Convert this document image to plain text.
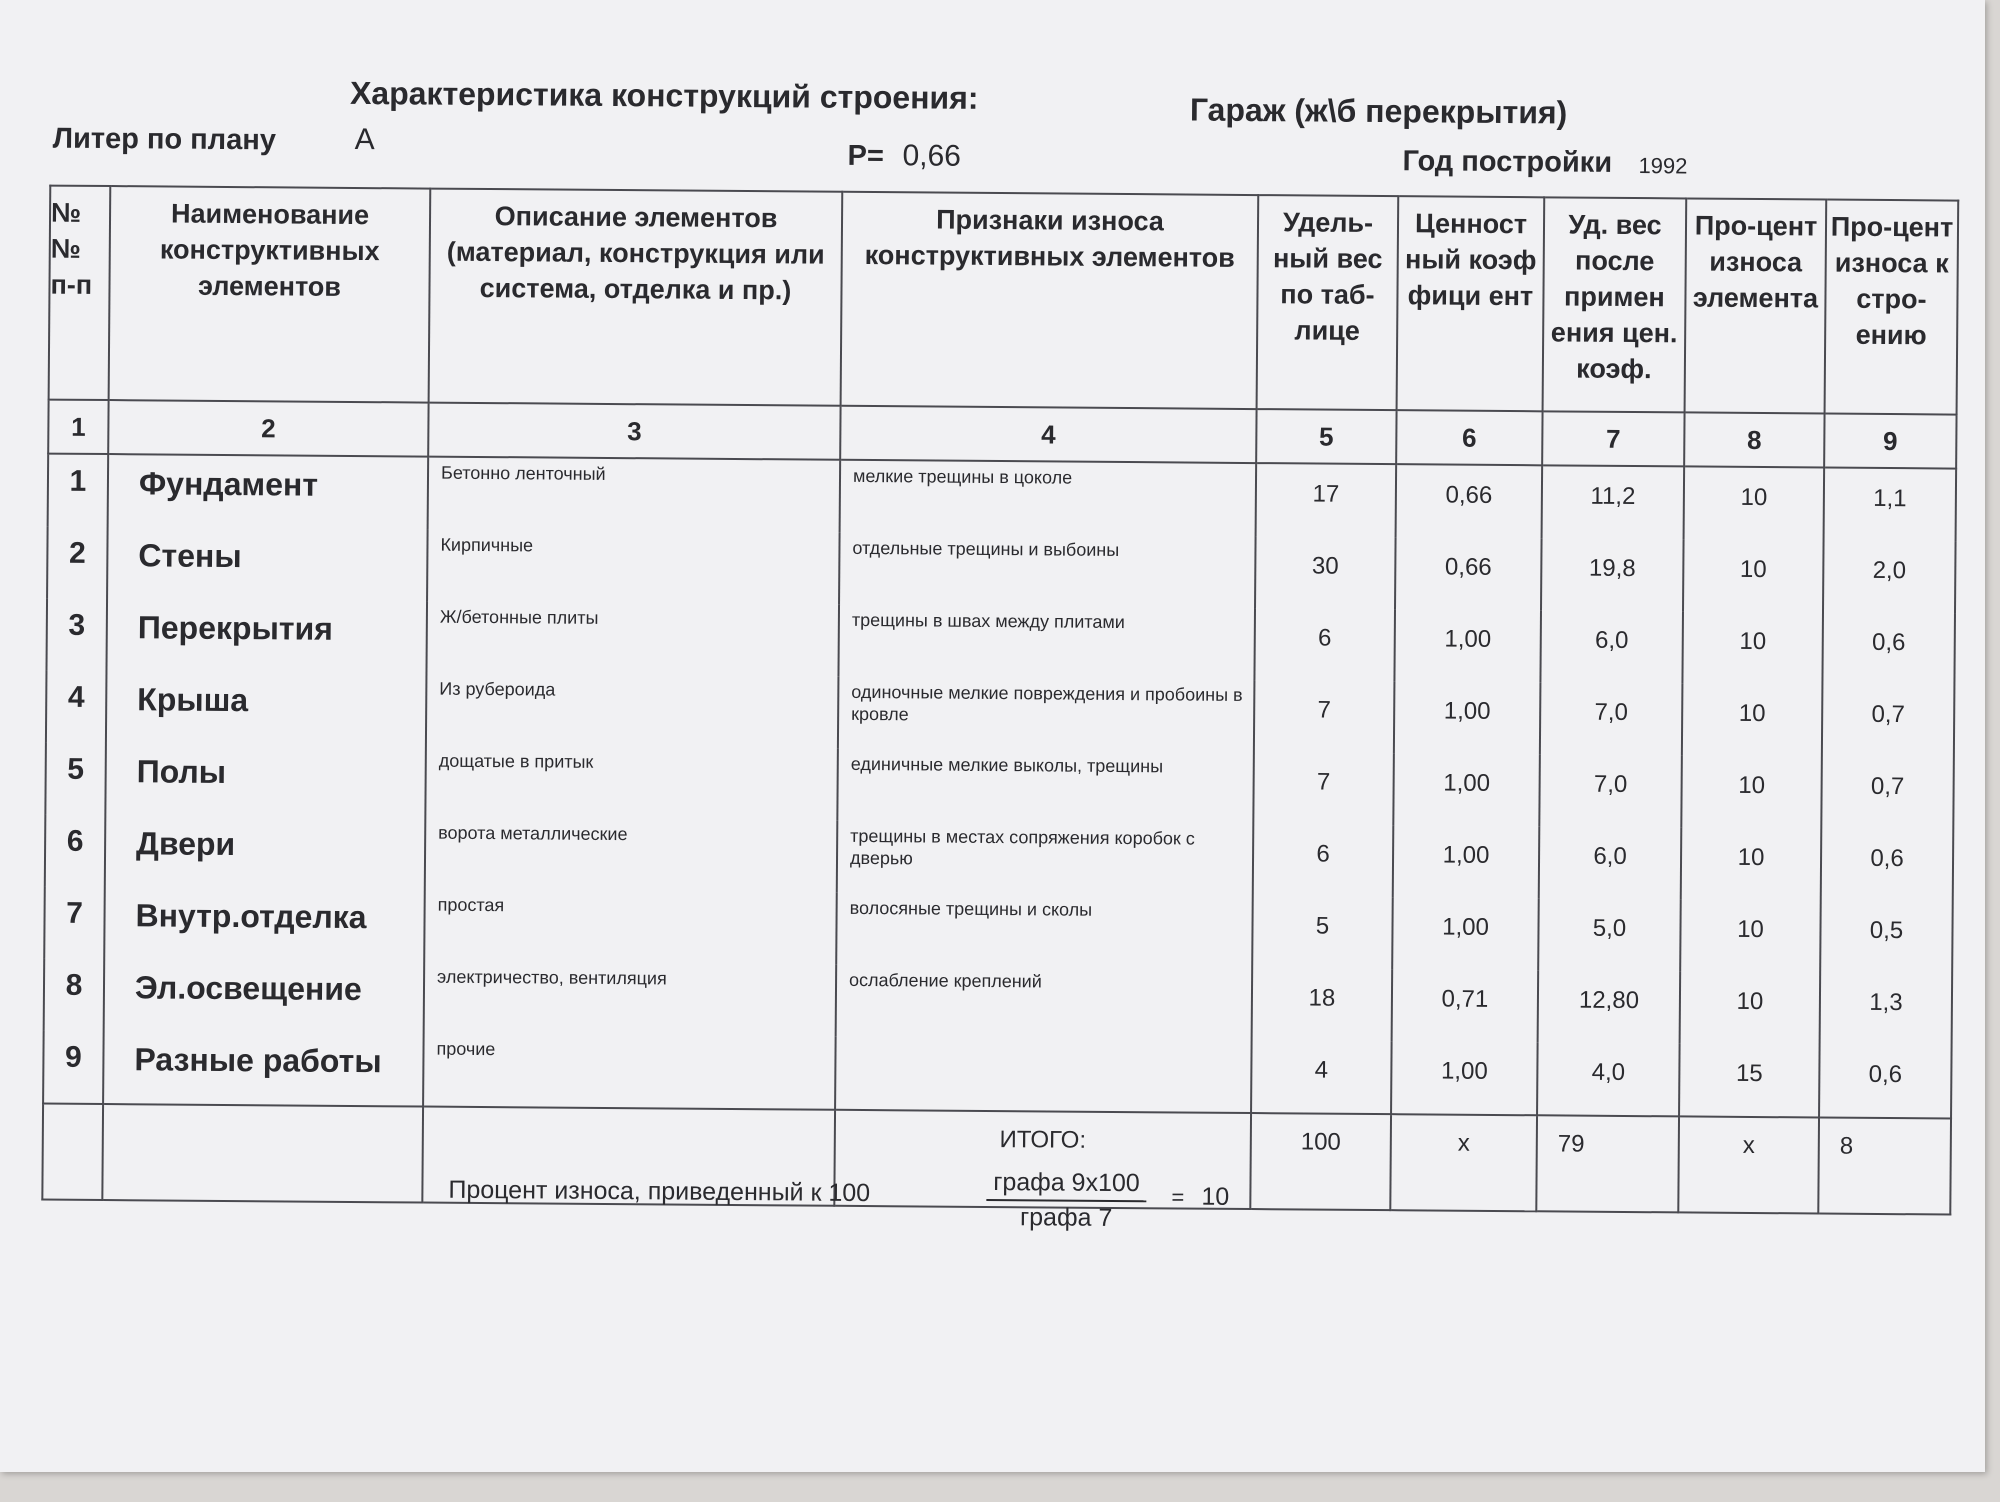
Характеристика конструкций строения:	Гараж (ж\б перекрытия)
Литер по плану	А	Р= 0,66	Год постройки 1992
№№ п-п	Наименование конструктивных элементов	Описание элементов (материал, конструкция или система, отделка и пр.)	Признаки износа конструктивных элементов	Удель-ный вес по таб-лице	Ценност ный коэф фици ент	Уд. вес после примен ения цен. коэф.	Про-цент износа элемента	Про-цент износа к стро-ению
1	2	3	4	5	6	7	8	9
1	Фундамент	Бетонно ленточный	мелкие трещины в цоколе	17	0,66	11,2	10	1,1
2	Стены	Кирпичные	отдельные трещины и выбоины	30	0,66	19,8	10	2,0
3	Перекрытия	Ж/бетонные плиты	трещины в швах между плитами	6	1,00	6,0	10	0,6
4	Крыша	Из рубероида	одиночные мелкие повреждения и пробоины в кровле	7	1,00	7,0	10	0,7
5	Полы	дощатые в притык	единичные мелкие выколы, трещины	7	1,00	7,0	10	0,7
6	Двери	ворота металлические	трещины в местах сопряжения коробок с дверью	6	1,00	6,0	10	0,6
7	Внутр.отделка	простая	волосяные трещины и сколы	5	1,00	5,0	10	0,5
8	Эл.освещение	электричество, вентиляция	ослабление креплений	18	0,71	12,80	10	1,3
9	Разные работы	прочие		4	1,00	4,0	15	0,6
			ИТОГО:	100	х	79	х	8
Процент износа, приведенный к 100	графа 9х100
графа 7
= 10
